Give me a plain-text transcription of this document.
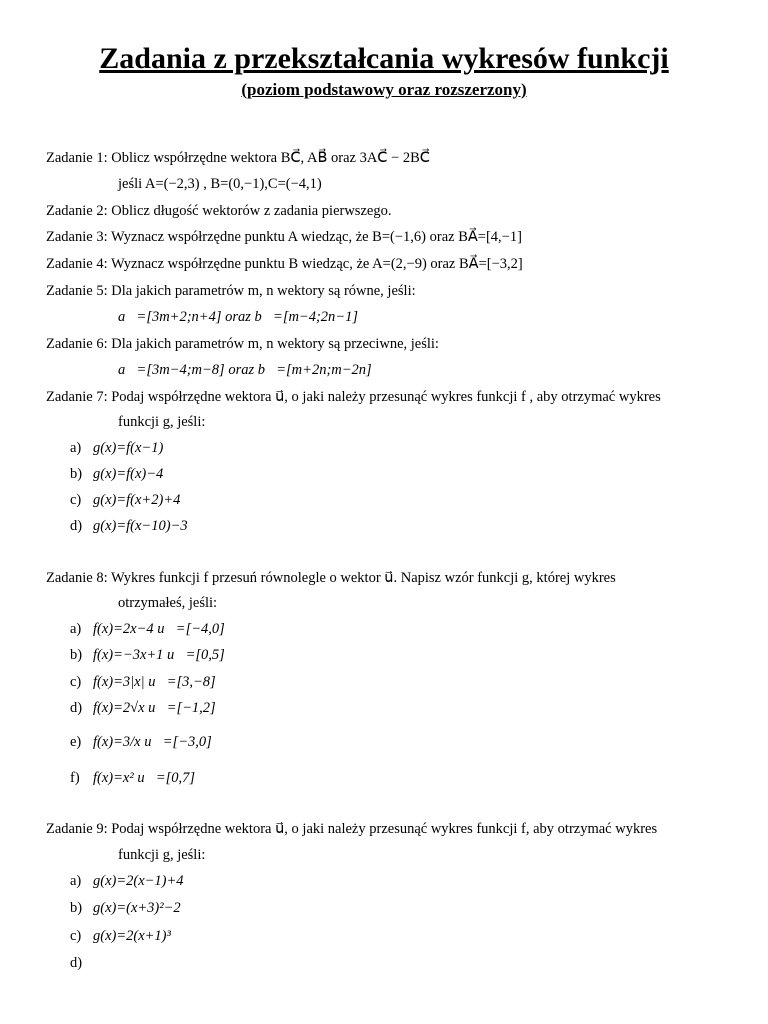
Zadania z przekształcania wykresów funkcji
(poziom podstawowy oraz rozszerzony)
Zadanie 1: Oblicz współrzędne wektora BC⃗, AB⃗ oraz 3AC⃗ − 2BC⃗
jeśli A=(−2,3) , B=(0,−1),C=(−4,1)
Zadanie 2: Oblicz długość wektorów z zadania pierwszego.
Zadanie 3: Wyznacz współrzędne punktu A wiedząc, że B=(−1,6) oraz BA⃗=[4,−1]
Zadanie 4: Wyznacz współrzędne punktu B wiedząc, że A=(2,−9) oraz BA⃗=[−3,2]
Zadanie 5: Dla jakich parametrów m, n wektory są równe, jeśli:
a⃗=[3m+2;n+4] oraz b⃗=[m−4;2n−1]
Zadanie 6: Dla jakich parametrów m, n wektory są przeciwne, jeśli:
a⃗=[3m−4;m−8] oraz b⃗=[m+2n;m−2n]
Zadanie 7: Podaj współrzędne wektora u⃗, o jaki należy przesunąć wykres funkcji f , aby otrzymać wykres
funkcji g, jeśli:
a) g(x)=f(x−1)
b) g(x)=f(x)−4
c) g(x)=f(x+2)+4
d) g(x)=f(x−10)−3
Zadanie 8: Wykres funkcji f przesuń równolegle o wektor u⃗. Napisz wzór funkcji g, której wykres
otrzymałeś, jeśli:
a) f(x)=2x−4 u⃗=[−4,0]
b) f(x)=−3x+1 u⃗=[0,5]
c) f(x)=3|x| u⃗=[3,−8]
d) f(x)=2√x u⃗=[−1,2]
e) f(x)=3/x u⃗=[−3,0]
f) f(x)=x² u⃗=[0,7]
Zadanie 9: Podaj współrzędne wektora u⃗, o jaki należy przesunąć wykres funkcji f, aby otrzymać wykres
funkcji g, jeśli:
a) g(x)=2(x−1)+4
b) g(x)=(x+3)²−2
c) g(x)=2(x+1)³
d)
